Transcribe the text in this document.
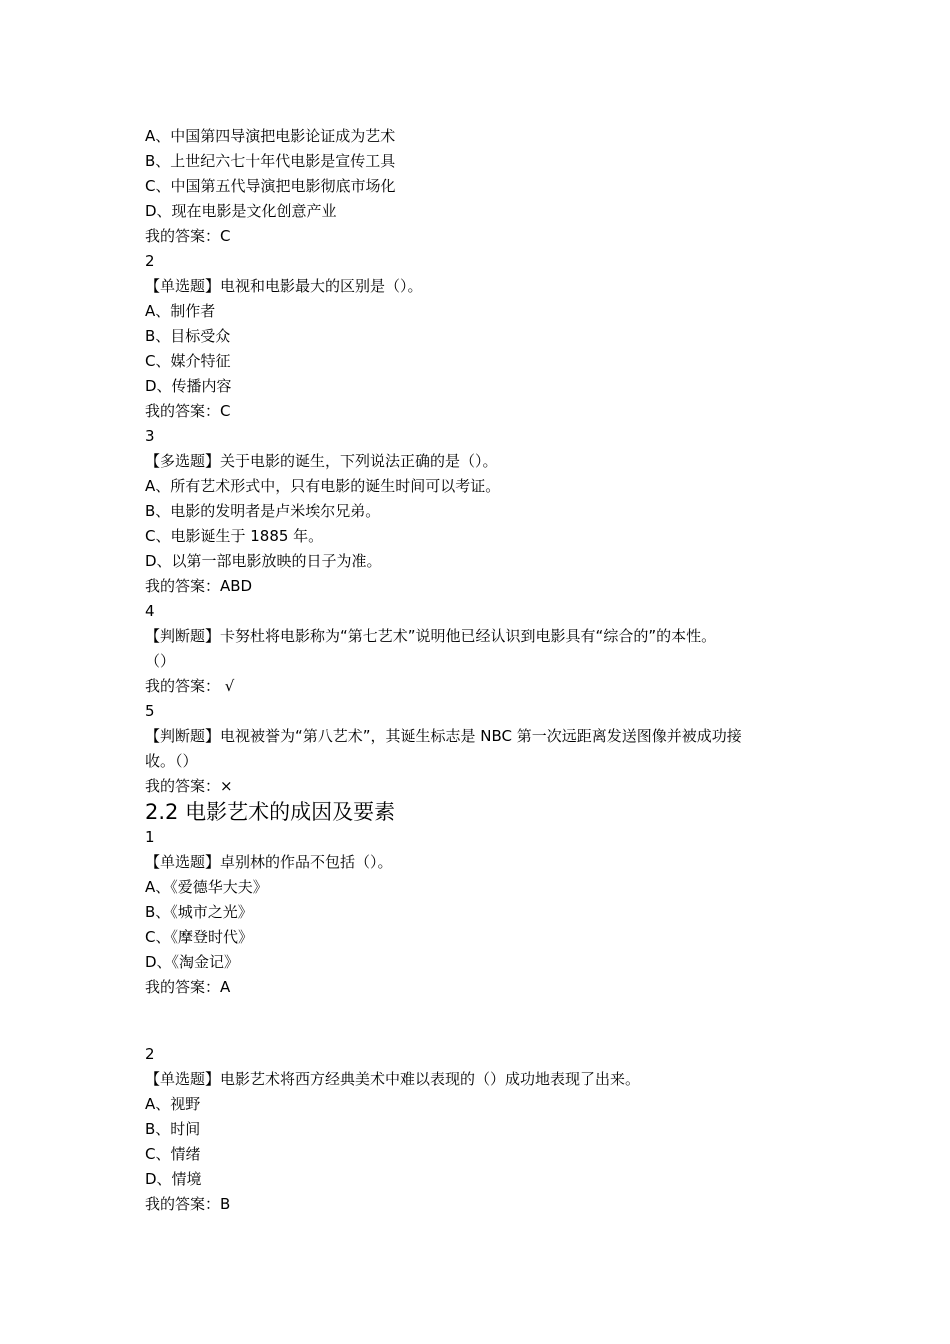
A、中国第四导演把电影论证成为艺术
B、上世纪六七十年代电影是宣传工具
C、中国第五代导演把电影彻底市场化
D、现在电影是文化创意产业
我的答案：C
2
【单选题】电视和电影最大的区别是（）。
A、制作者
B、目标受众
C、媒介特征
D、传播内容
我的答案：C
3
【多选题】关于电影的诞生，下列说法正确的是（）。
A、所有艺术形式中，只有电影的诞生时间可以考证。
B、电影的发明者是卢米埃尔兄弟。
C、电影诞生于 1885 年。
D、以第一部电影放映的日子为准。
我的答案：ABD
4
【判断题】卡努杜将电影称为“第七艺术”说明他已经认识到电影具有“综合的”的本性。
（）
我的答案： √
5
【判断题】电视被誉为“第八艺术”，其诞生标志是 NBC 第一次远距离发送图像并被成功接
收。（）
我的答案：×
2.2 电影艺术的成因及要素
1
【单选题】卓别林的作品不包括（）。
A、《爱德华大夫》
B、《城市之光》
C、《摩登时代》
D、《淘金记》
我的答案：A
2
【单选题】电影艺术将西方经典美术中难以表现的（）成功地表现了出来。
A、视野
B、时间
C、情绪
D、情境
我的答案：B
